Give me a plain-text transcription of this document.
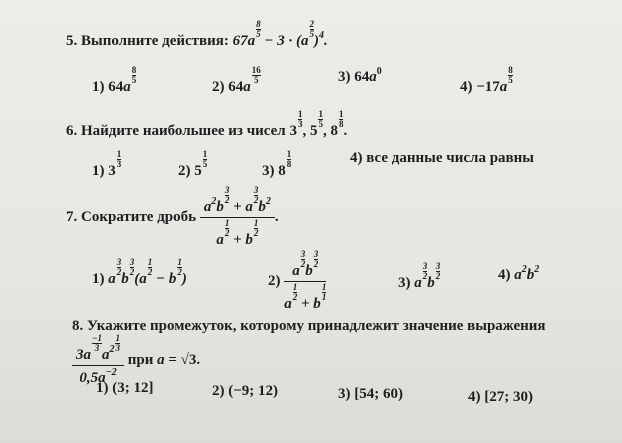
5. Выполните действия: 67a
$\frac{8}{5}$
− 3 · (a
$\frac{2}{5}$
)$^4$.
1) 64a
$\frac{8}{5}$
2) 64a
$\frac{16}{5}$	3) $64a^0$
4) −17a
$\frac{8}{5}$
6. Найдите наибольшее из чисел 3
$\frac{1}{3}$
, 5
$\frac{1}{5}$
, 8
$\frac{1}{8}$
.
1) 3
$\frac{1}{3}$
2) 5
$\frac{1}{5}$
3) 8
$\frac{1}{8}$	4) все данные числа равны
7. Сократите дробь $a^2b$
$\frac{3}{2}$
+ a
$\frac{3}{2}$
$b^2$
a
$\frac{1}{2}$
+ b
$\frac{1}{2}$ .
1) a
$\frac{3}{2}$
b
$\frac{3}{2}$
(a
$\frac{1}{2}$
− b
$\frac{1}{2}$
)	2) a
$\frac{3}{2}$
b
$\frac{3}{2}$
a
$\frac{1}{2}$
+ b
$\frac{1}{1}$	3) a
$\frac{3}{2}$
b
$\frac{3}{2}$	4) $a^2b^2$
8. Укажите промежуток, которому принадлежит значение выражения
3a
$\frac{-1}{3}$
$a^2 \frac{1}{3}$
$0,5a^{-2}$ при a = √3.
1) (3; 12]	2) (−9; 12)	3) [54; 60)	4) [27; 30)
